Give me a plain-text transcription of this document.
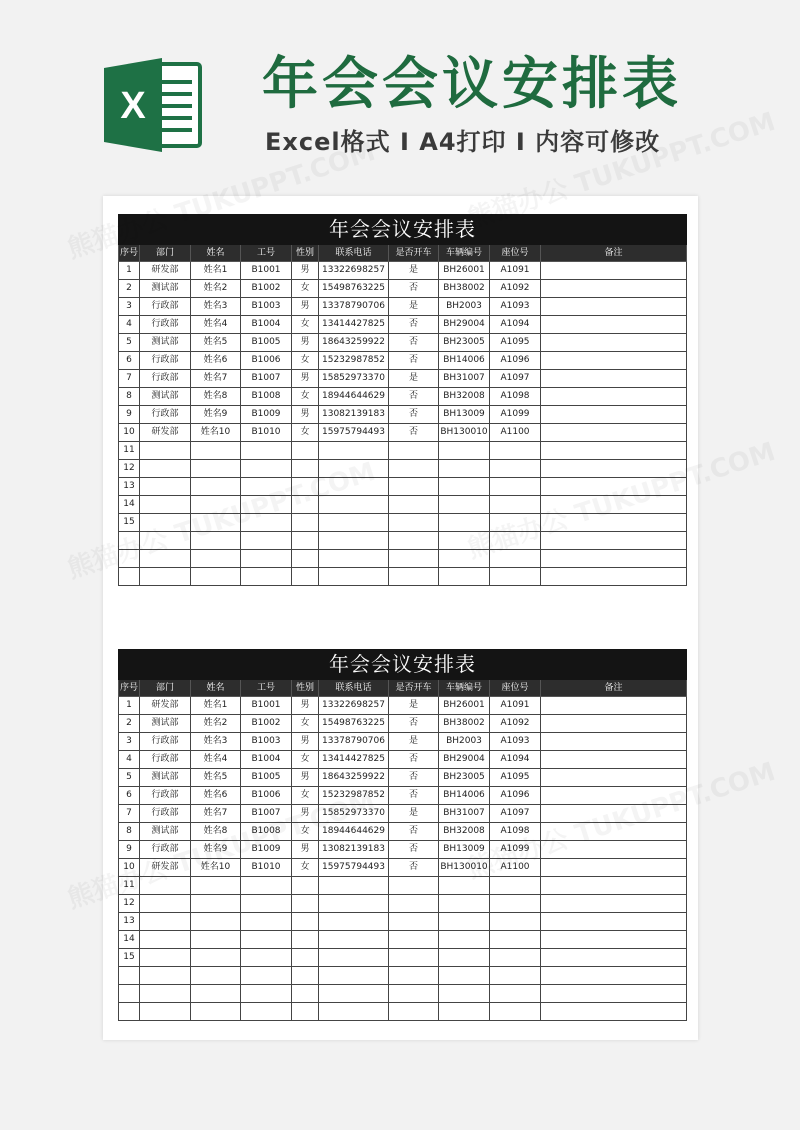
X 年会会议安排表
Excel格式 I A4打印 I 内容可修改
年会会议安排表									
序号	部门	姓名	工号	性别	联系电话	是否开车	车辆编号	座位号	备注
1	研发部	姓名1	B1001	男	13322698257	是	BH26001	A1091	
2	测试部	姓名2	B1002	女	15498763225	否	BH38002	A1092	
3	行政部	姓名3	B1003	男	13378790706	是	BH2003	A1093	
4	行政部	姓名4	B1004	女	13414427825	否	BH29004	A1094	
5	测试部	姓名5	B1005	男	18643259922	否	BH23005	A1095	
6	行政部	姓名6	B1006	女	15232987852	否	BH14006	A1096	
7	行政部	姓名7	B1007	男	15852973370	是	BH31007	A1097	
8	测试部	姓名8	B1008	女	18944644629	否	BH32008	A1098	
9	行政部	姓名9	B1009	男	13082139183	否	BH13009	A1099	
10	研发部	姓名10	B1010	女	15975794493	否	BH130010	A1100	
11									
12									
13									
14									
15									

年会会议安排表									
序号	部门	姓名	工号	性别	联系电话	是否开车	车辆编号	座位号	备注
1	研发部	姓名1	B1001	男	13322698257	是	BH26001	A1091	
2	测试部	姓名2	B1002	女	15498763225	否	BH38002	A1092	
3	行政部	姓名3	B1003	男	13378790706	是	BH2003	A1093	
4	行政部	姓名4	B1004	女	13414427825	否	BH29004	A1094	
5	测试部	姓名5	B1005	男	18643259922	否	BH23005	A1095	
6	行政部	姓名6	B1006	女	15232987852	否	BH14006	A1096	
7	行政部	姓名7	B1007	男	15852973370	是	BH31007	A1097	
8	测试部	姓名8	B1008	女	18944644629	否	BH32008	A1098	
9	行政部	姓名9	B1009	男	13082139183	否	BH13009	A1099	
10	研发部	姓名10	B1010	女	15975794493	否	BH130010	A1100	
11									
12									
13									
14									
15									
